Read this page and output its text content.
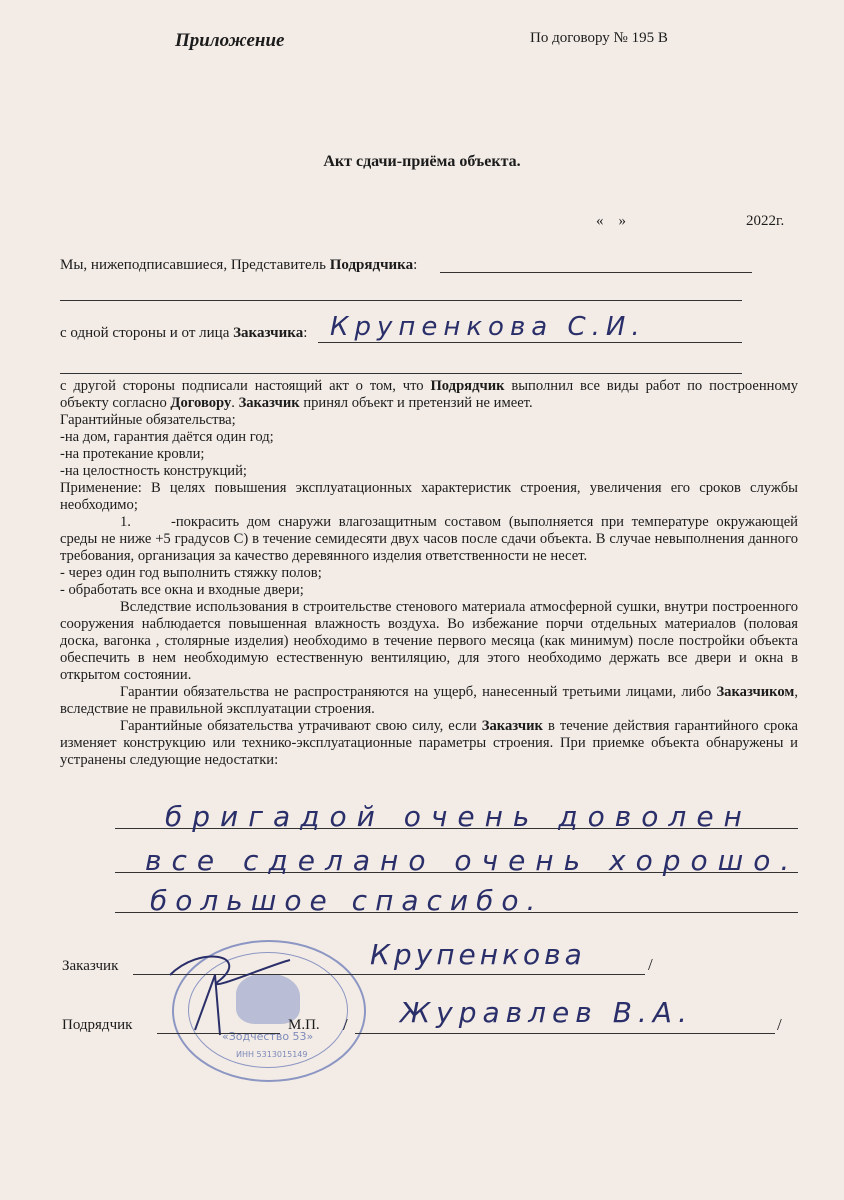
Приложение	По договору № 195 В
Акт сдачи-приёма объекта.
«    »	2022г.
Мы, нижеподписавшиеся, Представитель Подрядчика:
с одной стороны и от лица Заказчика: Крупенкова С.И.

с другой стороны подписали настоящий акт о том, что Подрядчик выполнил все виды работ по построенному объекту согласно Договору. Заказчик принял объект и претензий не имеет.

Гарантийные обязательства;

-на дом, гарантия даётся один год;

-на протекание кровли;

-на целостность конструкций;

Применение: В целях повышения эксплуатационных характеристик строения, увеличения его сроков службы необходимо;

1.	-покрасить дом снаружи влагозащитным составом (выполняется при температуре окружающей среды не ниже +5 градусов С) в течение семидесяти двух часов после сдачи объекта. В случае невыполнения данного требования, организация за качество деревянного изделия ответственности не несет.

- через один год выполнить стяжку полов;

- обработать все окна и входные двери;

Вследствие использования в строительстве стенового материала атмосферной сушки, внутри построенного сооружения наблюдается повышенная влажность воздуха. Во избежание порчи отдельных материалов (половая доска, вагонка , столярные изделия) необходимо в течение первого месяца (как минимум) после постройки объекта обеспечить в нем необходимую естественную вентиляцию, для этого необходимо держать все двери и окна в открытом состоянии.

Гарантии обязательства не распространяются на ущерб, нанесенный третьими лицами, либо Заказчиком, вследствие не правильной эксплуатации строения.

Гарантийные обязательства утрачивают свою силу, если Заказчик в течение действия гарантийного срока изменяет конструкцию или технико-эксплуатационные параметры строения. При приемке объекта обнаружены и устранены следующие недостатки:

бригадой очень доволен
все сделано очень хорошо.
большое спасибо.
«Зодчество 53»
ИНН 5313015149
Заказчик	Крупенкова	/
Подрядчик	М.П. / Журавлев В.А.	/
